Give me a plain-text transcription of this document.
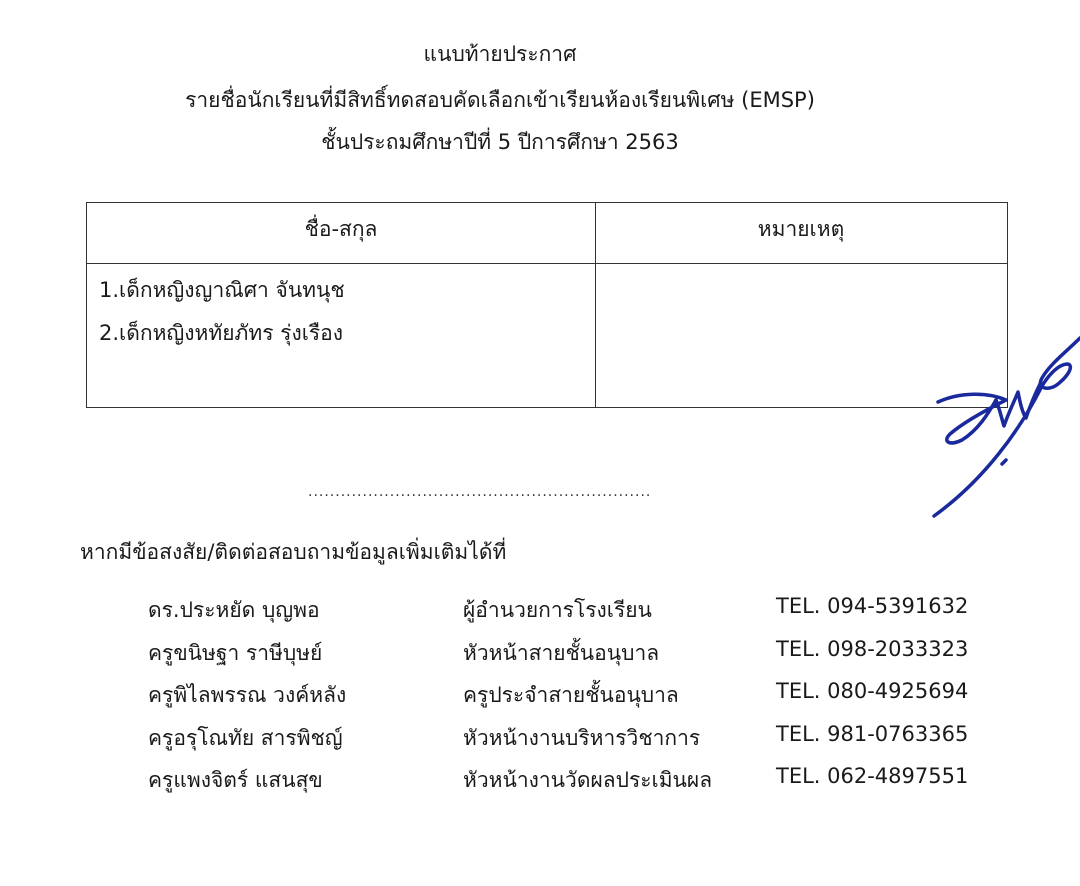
แนบท้ายประกาศ
รายชื่อนักเรียนที่มีสิทธิ์ทดสอบคัดเลือกเข้าเรียนห้องเรียนพิเศษ (EMSP)
ชั้นประถมศึกษาปีที่ 5 ปีการศึกษา 2563
ชื่อ-สกุล	หมายเหตุ
1.เด็กหญิงญาณิศา จันทนุช
2.เด็กหญิงหทัยภัทร รุ่งเรือง
...............................................................
หากมีข้อสงสัย/ติดต่อสอบถามข้อมูลเพิ่มเติมได้ที่
ดร.ประหยัด บุญพอ	ผู้อำนวยการโรงเรียน	TEL. 094-5391632
ครูขนิษฐา ราษีบุษย์	หัวหน้าสายชั้นอนุบาล	TEL. 098-2033323
ครูพิไลพรรณ วงค์หลัง	ครูประจำสายชั้นอนุบาล	TEL. 080-4925694
ครูอรุโณทัย สารพิชญ์	หัวหน้างานบริหารวิชาการ	TEL. 981-0763365
ครูแพงจิตร์ แสนสุข	หัวหน้างานวัดผลประเมินผล	TEL. 062-4897551
